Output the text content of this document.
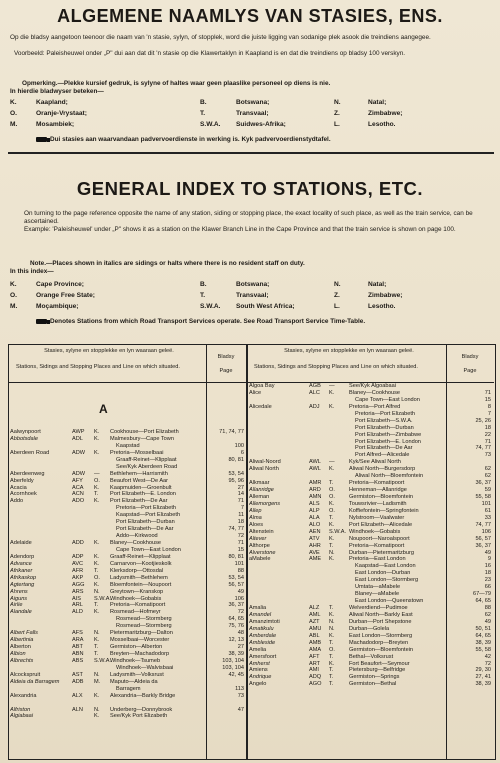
ALGEMENE NAAMLYS VAN STASIES, ENS.
Op die bladsy aangetoon teenoor die naam van 'n stasie, sylyn, of stopplek, word die juiste ligging van sodanige plek asook die treindiens aangegee.
Voorbeeld: Paleisheuwel onder „P" dui aan dat dit 'n stasie op die Klawertaklyn in Kaapland is en dat die treindiens op bladsy 100 verskyn.
Opmerking.—Plekke kursief gedruk, is sylyne of haltes waar geen plaaslike personeel op diens is nie.
In hierdie bladwyser beteken—
K.	Kaapland;	B.	Botswana;	N.	Natal;
O.	Oranje-Vrystaat;	T.	Transvaal;	Z.	Zimbabwe;
M.	Mosambiek;	S.W.A. Suidwes-Afrika;	L.	Lesotho.
Dui stasies aan waarvandaan padvervoerdienste in werking is. Kyk padvervoerdienstydtafel.
GENERAL INDEX TO STATIONS, ETC.
On turning to the page reference opposite the name of any station, siding or stopping place, the exact locality of such place, as well as the train service, can be ascertained.
Example: 'Paleisheuwel' under „P" shows it as a station on the Klawer Branch Line in the Cape Province and that the train service is shown on page 100.
Note.—Places shown in italics are sidings or halts where there is no resident staff on duty.
In this index—
K.	Cape Province;	B.	Botswana;	N.	Natal;
O.	Orange Free State;	T.	Transvaal;	Z.	Zimbabwe;
M.	Moçambique;	S.W.A. South West Africa;	L.	Lesotho.
Denotes Stations from which Road Transport Services operate. See Road Transport Service Time-Table.
Stasies, sylyne en stopplekke en lyn waaraan geleë.
Stations, Sidings and Stopping Places and Line on which situated.
Bladsy

Page
Stasies, sylyne en stopplekke en lyn waaraan geleë.
Stations, Sidings and Stopping Places and Line on which situated.
Bladsy

Page
A
Aalwynpoort	AWP K. Cookhouse—Port Elizabeth	71, 74, 77
Abbotsdale	ADL K. Malmesbury—Cape Town
Kaapstad	100
Aberdeen Road	ADW K. Pretoria—Mosselbaai	6
Graaff-Reinet—Klipplaat	80, 81
See/Kyk Aberdeen Road
Aberdeenweg	ADW — Bethlehem—Harrismith	53, 54
Aberfeldy	AFY O. Beaufort West—De Aar	95, 96
Acacia	ACA K. Kaapmuiden—Groenbult	27
Acornhoek	ACN T. Port Elizabeth—E. London	14
Addo	ADO K. Port Elizabeth—De Aar	71
Pretoria—Port Elizabeth	7
Kaapstad—Port Elizabeth	11
Port Elizabeth—Durban	18
Port Elizabeth—De Aar	74, 77
Addo—Kirkwood	72
Adelaide	ADD K. Blaney—Cookhouse	71
Cape Town—East London	15
Adendorp	ADP K. Graaff-Reinet—Klipplaat	80, 81
Advance	AVC K. Carnarvon—Kootjieskolk	101
Afrikaner	AFR T. Klerksdorp—Ottosdal	88
Afrikaskop	AKP O. Ladysmith—Bethlehem	53, 54
Agtertang	AGG K. Bloemfontein—Noupoort	56, 57
Ahrens	ARS N. Greytown—Kranskop	49
Aiguns	AIS S.W.A.
Windhoek—Gobabis	106
Airlie	ARL T. Pretoria—Komatipoort	36, 37
Alandale	ALD K. Rosmead—Hofmeyr	72
Rosmead—Stormberg	64, 65
Rosmead—Stormberg	75, 76
Albert Falls	AFS N. Pietermaritzburg—Dalton	48
Albertinia	ARA K. Mosselbaai—Worcester	12, 13
Alberton	ABT T. Germiston—Alberton	27
Albion	ABN T. Breyten—Machadodorp	38, 39
Albrechts	ABS S.W.A.
Windhoek—Tsumeb	103, 104
Windhoek—Walvisbaai	103, 104
Alcockspruit	AST N. Ladysmith—Volksrust	42, 45
Aldeia da Barragem ADB M. Maputo—Aldeia da
Barragem	113
Alexandria	ALX K. Alexandria—Barkly Bridge	73
Alfriston	ALN N. Underberg—Donnybrook	47
Algiabaai	K. See/Kyk Port Elizabeth
Algoa Bay	AGB —	See/Kyk Algoabaai
Alice	ALC K.	Blaney—Cookhouse	71
Cape Town—East London	15
Alicedale	ADJ K.	Pretoria—Port Alfred	8
Pretoria—Port Elizabeth	7
Port Elizabeth—S.W.A.	25, 26
Port Elizabeth—Durban	18
Port Elizabeth—Zimbabwe	22
Port Elizabeth—E. London	71
Port Elizabeth—De Aar	74, 77
Port Alfred—Alicedale	73
Aliwal-Noord	AWL —	Kyk/See Aliwal North
Aliwal North	AWL K.	Aliwal North—Burgersdorp	62
Aliwal North—Bloemfontein	62
Alkmaar	AMR T.	Pretoria—Komatipoort	36, 37
Allanridge	ARD O.	Henneman—Allanridge	59
Alleman	AMN O.	Germiston—Bloemfontein	55, 58
Allemorgens	ALS K.	Touwsrivier—Ladismith	101
Allep	ALP O.	Koffiefontein—Springfontein	61
Alma	ALA T.	Nylstroom—Vaalwater	33
Aloes	ALO K.	Port Elizabeth—Alicedale	74, 77
Altenstein	AEN S.W.A. Windhoek—Gobabis	106
Altever	ATV K.	Noupoort—Naroalspoort	56, 57
Althorpe	AHR T.	Pretoria—Komatipoort	36, 37
Alverstone	AVE N.	Durban—Pietermaritzburg	49
aMabele	AME K.	Pretoria—East London	9
Kaapstad—East London	16
East London—Durban	18
East London—Stormberg	23
Umtata—aMabele	66
Blaney—aMabele	67—79
East London—Queenstown	64, 65
Amalia	ALZ T.	Welverdiend—Pudimoe	88
Amandel	AML K.	Aliwal North—Barkly East	62
Amanzimtoti	AZT N.	Durban—Port Shepstone	49
Amatikulu	AMU N.	Durban—Golela	50, 51
Amberdale	ABL K.	East London—Stormberg	64, 65
Ambleside	AMB T.	Machadodorp—Breyten	38, 39
Amelia	AMA O.	Germiston—Bloemfontein	55, 58
Amersfoort	AFT T.	Bethal—Volksrust	42
Amherst	ART K.	Fort Beaufort—Seymour	72
Amiens	AMI T.	Pietersburg—Belfridge	29, 30
Andrique	ADQ T.	Germiston—Springs	27, 41
Angelo	AGO T.	Germiston—Bethal	38, 39
